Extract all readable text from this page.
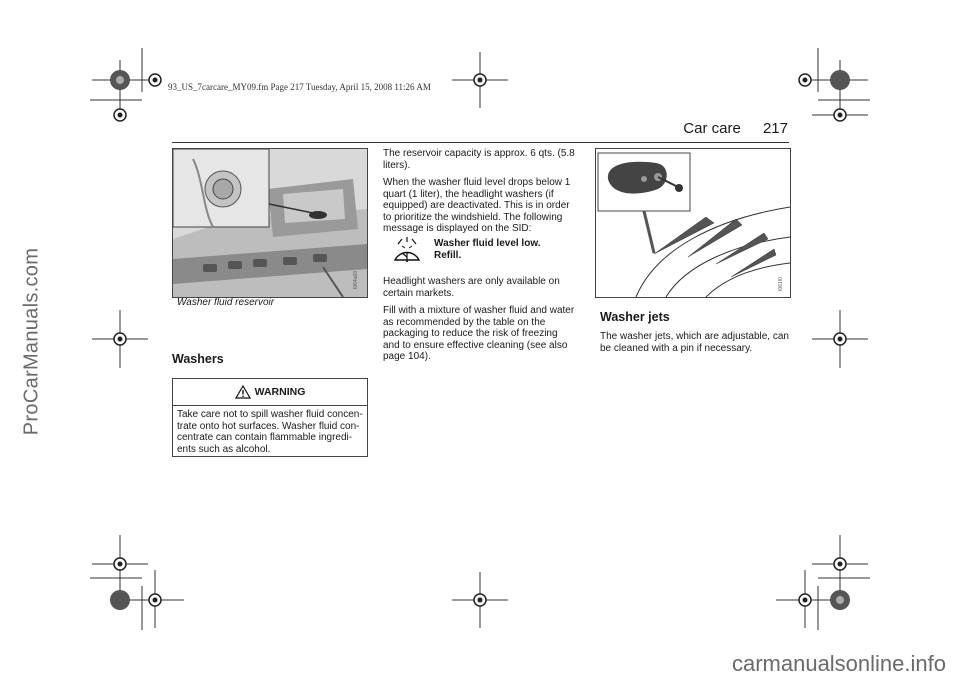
ProCarManuals.com
93_US_7carcare_MY09.fm Page 217 Tuesday, April 15, 2008 11:26 AM
Car care 217
I064a03
Washer fluid reservoir
Washers
WARNING
Take care not to spill washer fluid concen-trate onto hot surfaces. Washer fluid con-centrate can contain flammable ingredi-ents such as alcohol.

The reservoir capacity is approx. 6 qts. (5.8 liters).

When the washer fluid level drops below 1 quart (1 liter), the headlight washers (if equipped) are deactivated. This is in order to prioritize the windshield. The following message is displayed on the SID:

Washer fluid level low.
Refill.

Headlight washers are only available on certain markets.

Fill with a mixture of washer fluid and water as recommended by the table on the packaging to reduce the risk of freezing and to ensure effective cleaning (see also page 104).

I061f0
Washer jets
The washer jets, which are adjustable, can be cleaned with a pin if necessary.
carmanualsonline.info
